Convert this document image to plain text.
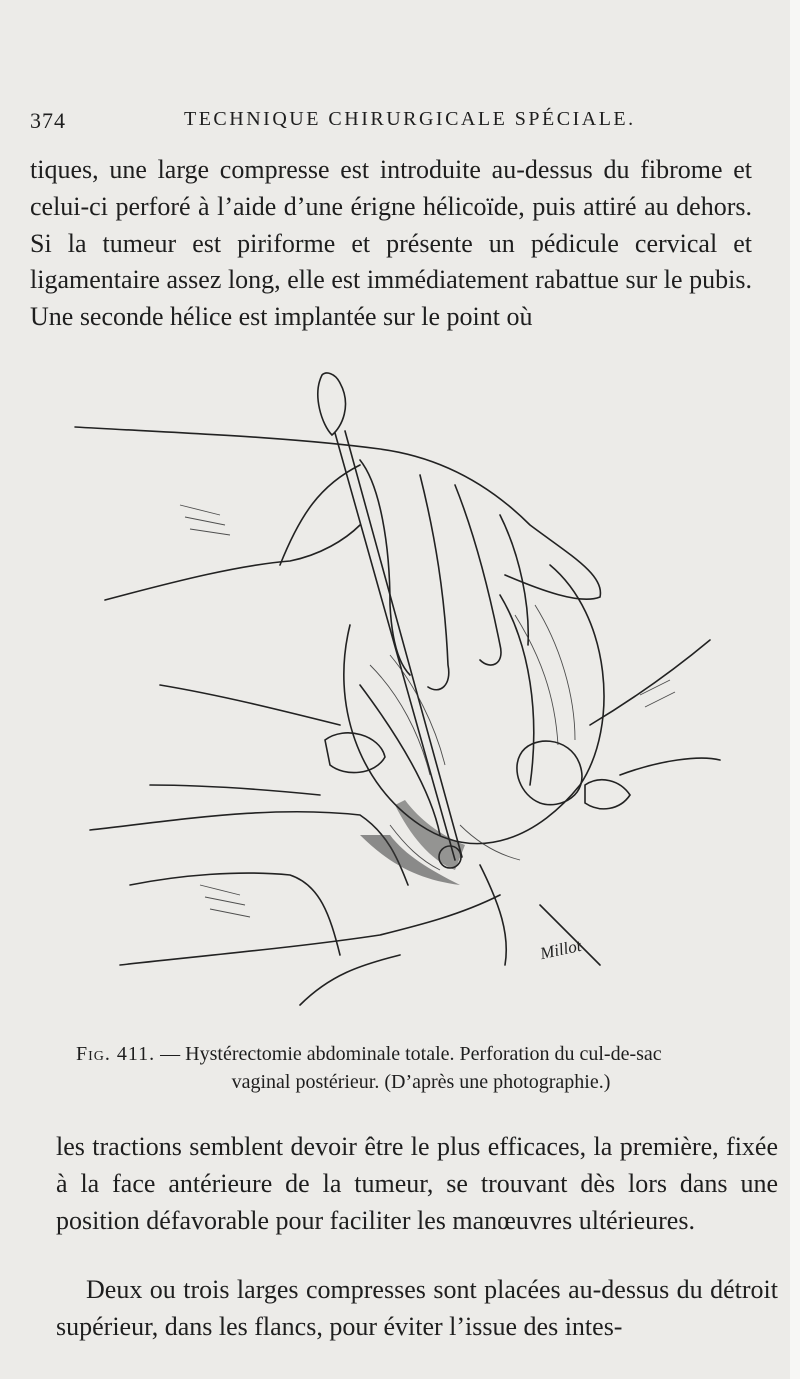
374	TECHNIQUE CHIRURGICALE SPÉCIALE.

tiques, une large compresse est introduite au-dessus du fibrome et celui-ci perforé à l’aide d’une érigne hélicoïde, puis attiré au dehors. Si la tumeur est piriforme et présente un pédicule cervical et ligamentaire assez long, elle est immédiatement rabattue sur le pubis. Une seconde hélice est implantée sur le point où

Millot
Fig. 411. — Hystérectomie abdominale totale. Perforation du cul-de-sac
vaginal postérieur. (D’après une photographie.)

les tractions semblent devoir être le plus efficaces, la première, fixée à la face antérieure de la tumeur, se trouvant dès lors dans une position défavorable pour faciliter les manœuvres ultérieures.

Deux ou trois larges compresses sont placées au-dessus du détroit supérieur, dans les flancs, pour éviter l’issue des intes-
